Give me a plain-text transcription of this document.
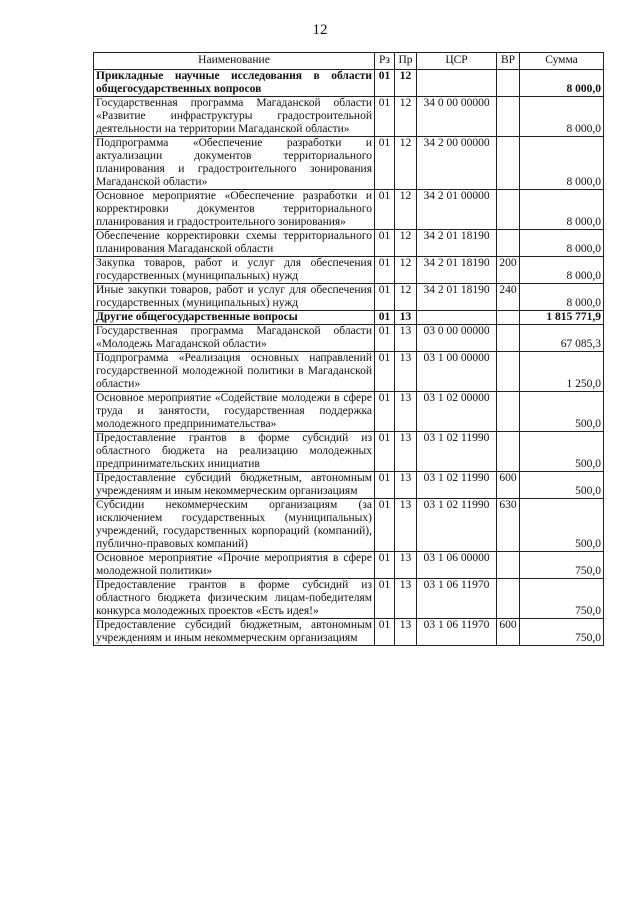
12
Наименование	Рз	Пр	ЦСР	ВР	Сумма
Прикладные научные исследования в области общегосударственных вопросов	01	12			8 000,0
Государственная программа Магаданской области «Развитие инфраструктуры градостроительной деятельности на территории Магаданской области»	01	12	34 0 00 00000		8 000,0
Подпрограмма «Обеспечение разработки и актуализации документов территориального планирования и градостроительного зонирования Магаданской области»	01	12	34 2 00 00000		8 000,0
Основное мероприятие «Обеспечение разработки и корректировки документов территориального планирования и градостроительного зонирования»	01	12	34 2 01 00000		8 000,0
Обеспечение корректировки схемы территориального планирования Магаданской области	01	12	34 2 01 18190		8 000,0
Закупка товаров, работ и услуг для обеспечения государственных (муниципальных) нужд	01	12	34 2 01 18190	200	8 000,0
Иные закупки товаров, работ и услуг для обеспечения государственных (муниципальных) нужд	01	12	34 2 01 18190	240	8 000,0
Другие общегосударственные вопросы	01	13			1 815 771,9
Государственная программа Магаданской области «Молодежь Магаданской области»	01	13	03 0 00 00000		67 085,3
Подпрограмма «Реализация основных направлений государственной молодежной политики в Магаданской области»	01	13	03 1 00 00000		1 250,0
Основное мероприятие «Содействие молодежи в сфере труда и занятости, государственная поддержка молодежного предпринимательства»	01	13	03 1 02 00000		500,0
Предоставление грантов в форме субсидий из областного бюджета на реализацию молодежных предпринимательских инициатив	01	13	03 1 02 11990		500,0
Предоставление субсидий бюджетным, автономным учреждениям и иным некоммерческим организациям	01	13	03 1 02 11990	600	500,0
Субсидии некоммерческим организациям (за исключением государственных (муниципальных) учреждений, государственных корпораций (компаний), публично-правовых компаний)	01	13	03 1 02 11990	630	500,0
Основное мероприятие «Прочие мероприятия в сфере молодежной политики»	01	13	03 1 06 00000		750,0
Предоставление грантов в форме субсидий из областного бюджета физическим лицам-победителям конкурса молодежных проектов «Есть идея!»	01	13	03 1 06 11970		750,0
Предоставление субсидий бюджетным, автономным учреждениям и иным некоммерческим организациям	01	13	03 1 06 11970	600	750,0
